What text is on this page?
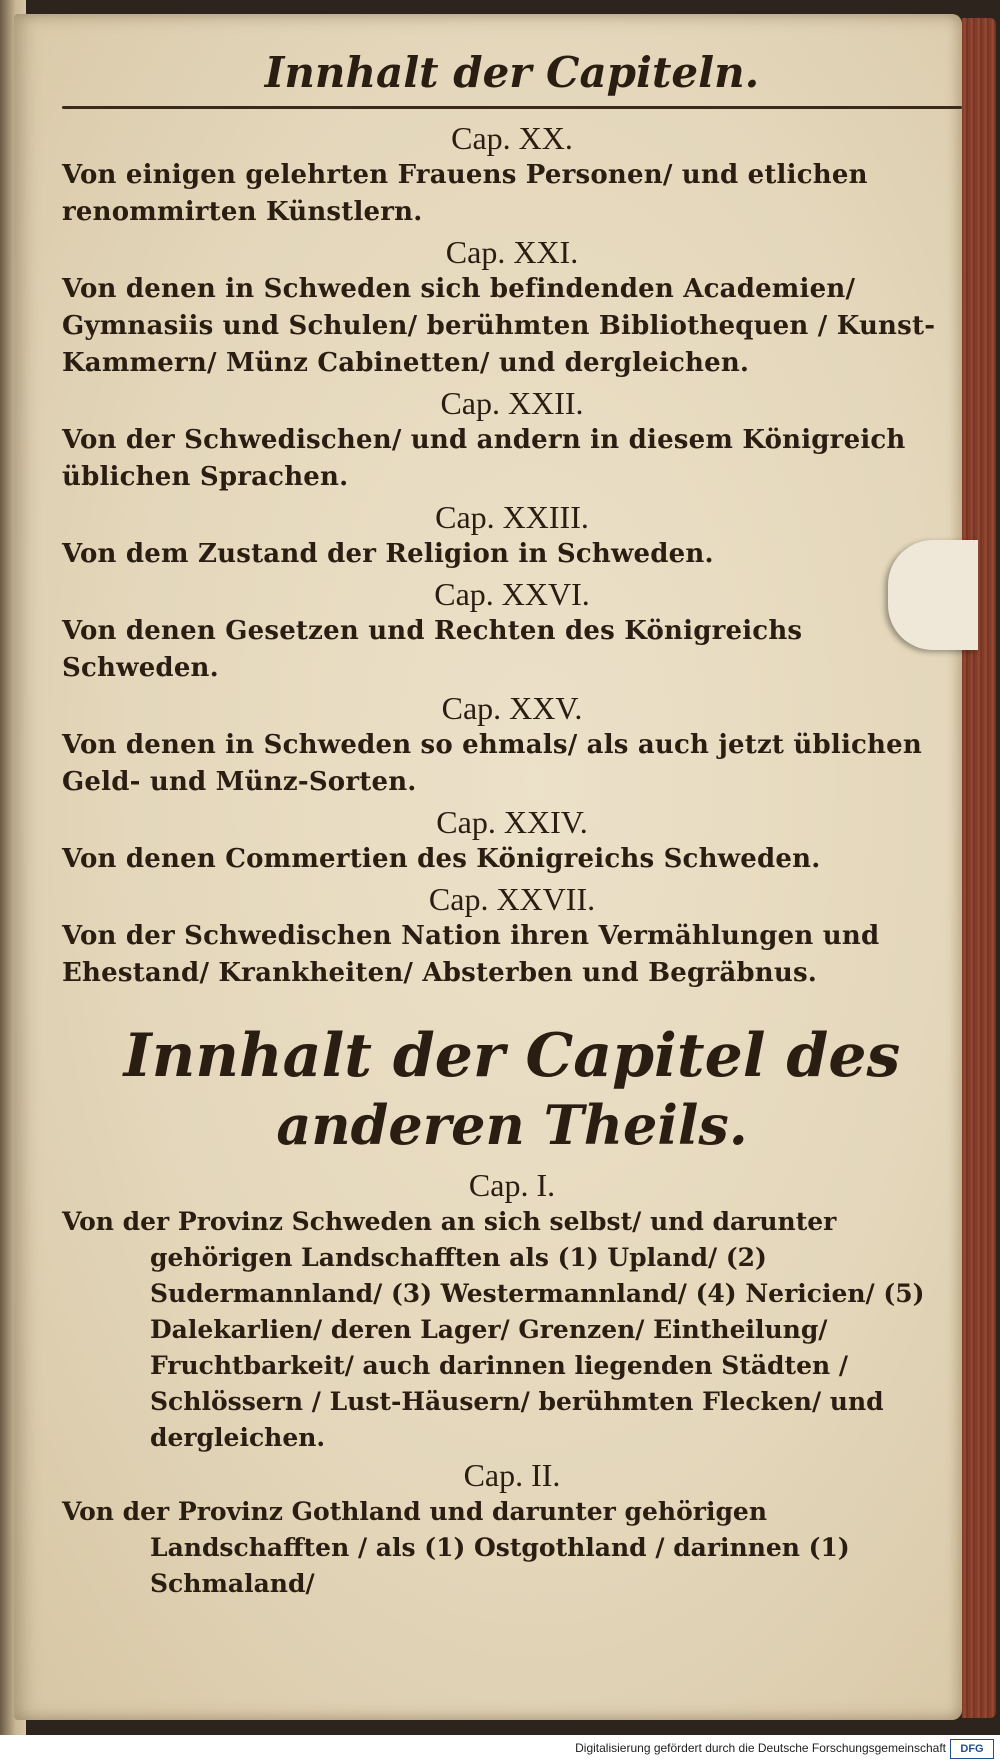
Innhalt der Capiteln.
Cap. XX.

Von einigen gelehrten Frauens Personen/ und etlichen renommirten Künstlern.

Cap. XXI.

Von denen in Schweden sich befindenden Academien/ Gymnasiis und Schulen/ berühmten Bibliothequen / Kunst-Kammern/ Münz Cabinetten/ und dergleichen.

Cap. XXII.

Von der Schwedischen/ und andern in diesem Königreich üblichen Sprachen.

Cap. XXIII.

Von dem Zustand der Religion in Schweden.

Cap. XXVI.

Von denen Gesetzen und Rechten des Königreichs Schweden.

Cap. XXV.

Von denen in Schweden so ehmals/ als auch jetzt üblichen Geld- und Münz-Sorten.

Cap. XXIV.

Von denen Commertien des Königreichs Schweden.

Cap. XXVII.

Von der Schwedischen Nation ihren Vermählungen und Ehestand/ Krankheiten/ Absterben und Begräbnus.

Innhalt der Capitel des
anderen Theils.
Cap. I.

Von der Provinz Schweden an sich selbst/ und darunter gehörigen Landschafften als (1) Upland/ (2) Sudermannland/ (3) Westermannland/ (4) Nericien/ (5) Dalekarlien/ deren Lager/ Grenzen/ Eintheilung/ Fruchtbarkeit/ auch darinnen liegenden Städten / Schlössern / Lust-Häusern/ berühmten Flecken/ und dergleichen.

Cap. II.

Von der Provinz Gothland und darunter gehörigen Landschafften / als (1) Ostgothland / darinnen (1) Schmaland/

Digitalisierung gefördert durch die Deutsche Forschungsgemeinschaft	DFG
